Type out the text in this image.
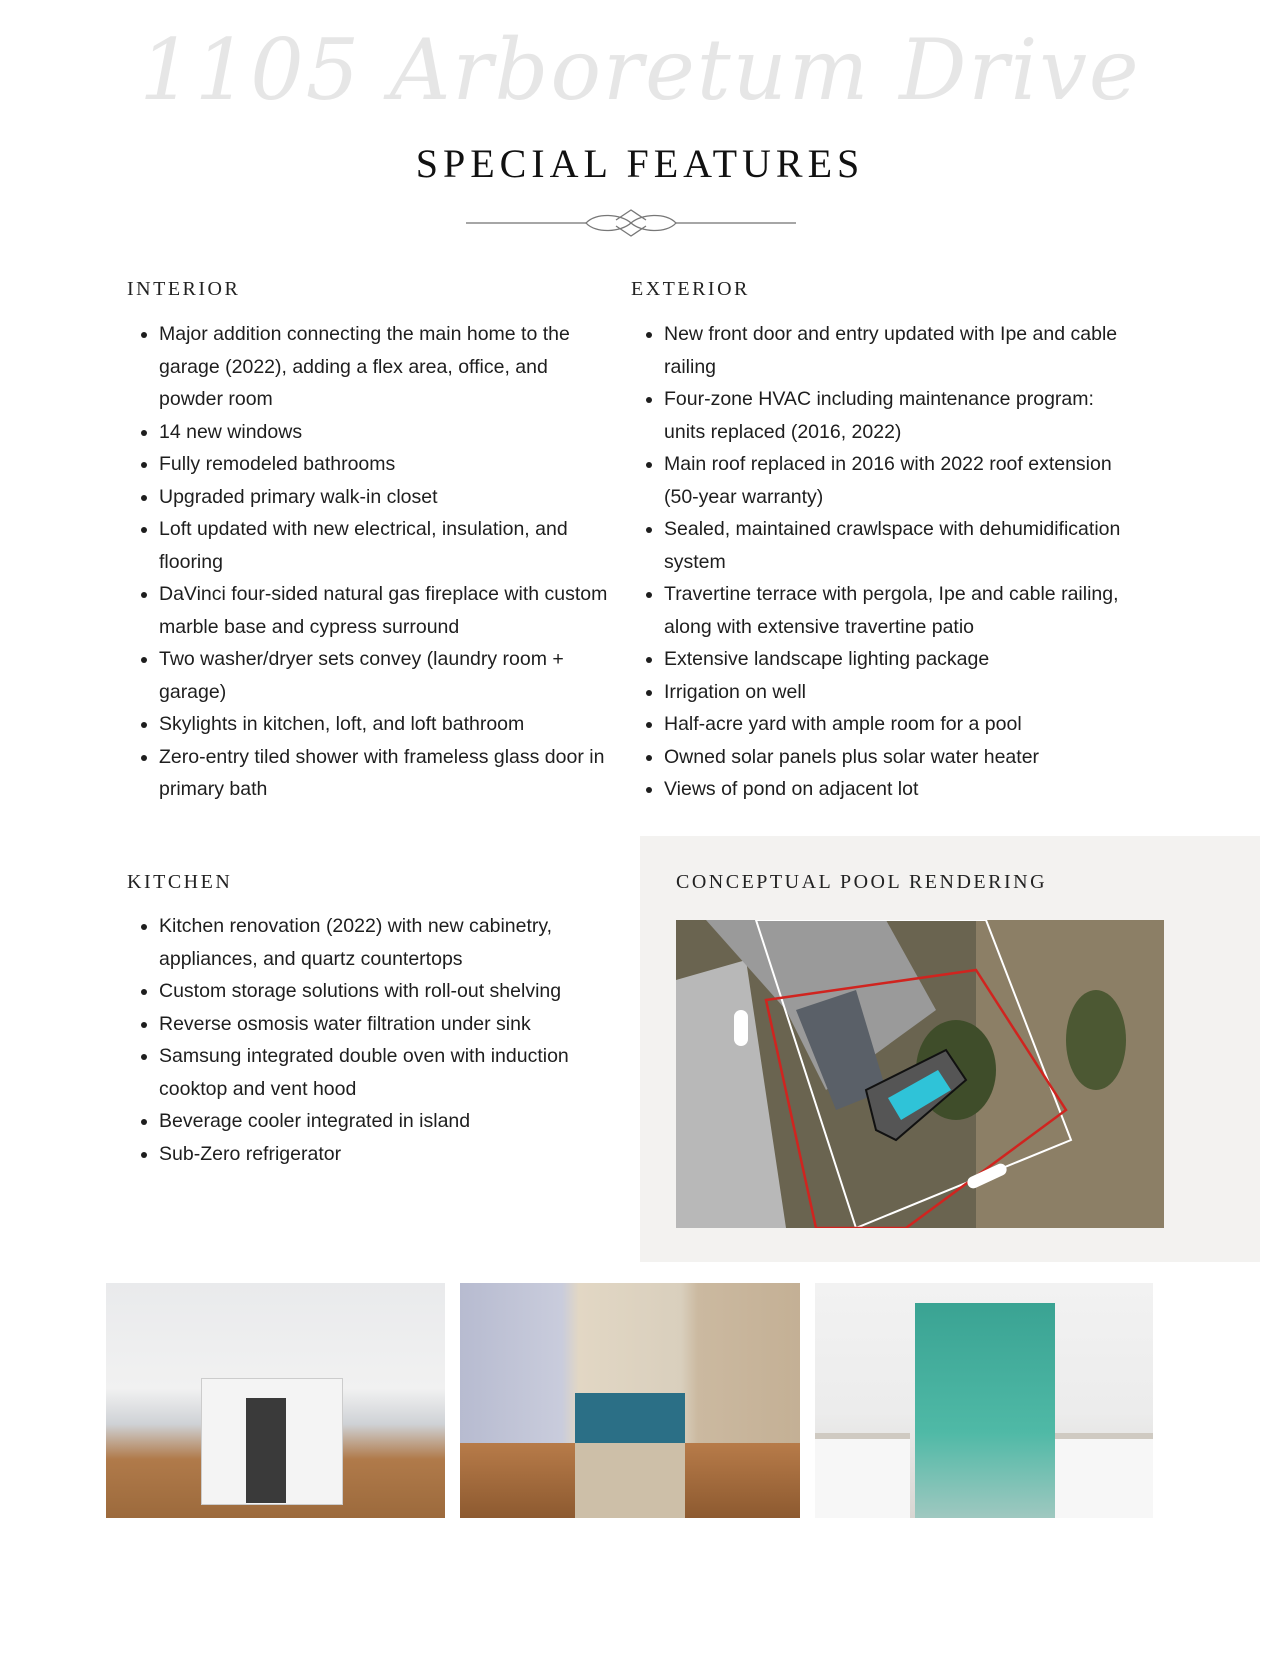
1105 Arboretum Drive
SPECIAL FEATURES
INTERIOR
• Major addition connecting the main home to the garage (2022), adding a flex area, office, and powder room
• 14 new windows
• Fully remodeled bathrooms
• Upgraded primary walk-in closet
• Loft updated with new electrical, insulation, and flooring
• DaVinci four-sided natural gas fireplace with custom marble base and cypress surround
• Two washer/dryer sets convey (laundry room + garage)
• Skylights in kitchen, loft, and loft bathroom
• Zero-entry tiled shower with frameless glass door in primary bath
EXTERIOR
• New front door and entry updated with Ipe and cable railing
• Four-zone HVAC including maintenance program: units replaced (2016, 2022)
• Main roof replaced in 2016 with 2022 roof extension (50-year warranty)
• Sealed, maintained crawlspace with dehumidification system
• Travertine terrace with pergola, Ipe and cable railing, along with extensive travertine patio
• Extensive landscape lighting package
• Irrigation on well
• Half-acre yard with ample room for a pool
• Owned solar panels plus solar water heater
• Views of pond on adjacent lot
KITCHEN
• Kitchen renovation (2022) with new cabinetry, appliances, and quartz countertops
• Custom storage solutions with roll-out shelving
• Reverse osmosis water filtration under sink
• Samsung integrated double oven with induction cooktop and vent hood
• Beverage cooler integrated in island
• Sub-Zero refrigerator
CONCEPTUAL POOL RENDERING
